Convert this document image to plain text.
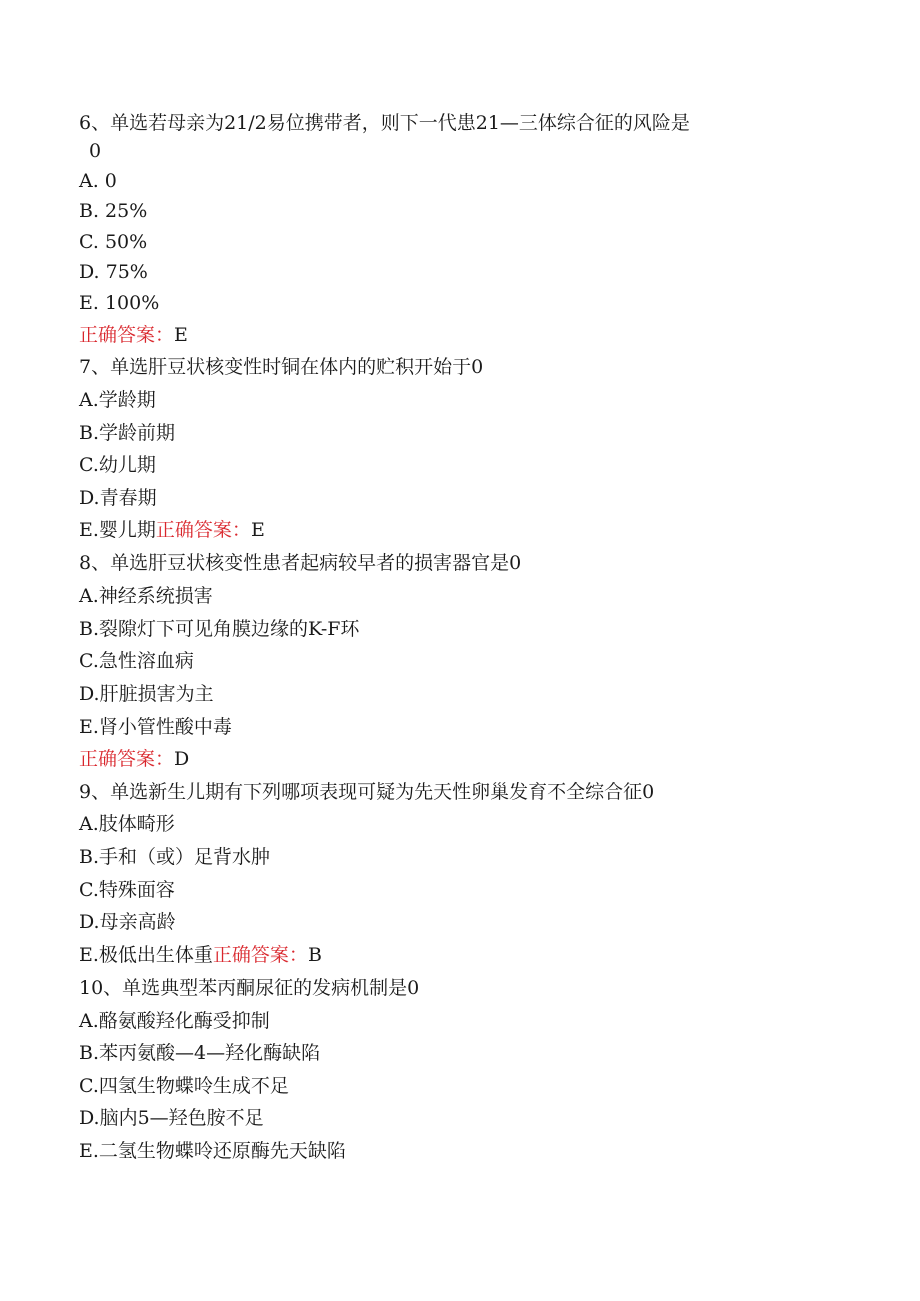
6、单选若母亲为21/2易位携带者，则下一代患21—三体综合征的风险是
0
A. 0
B. 25%
C. 50%
D. 75%
E. 100%
正确答案：E
7、单选肝豆状核变性时铜在体内的贮积开始于0
A.学龄期
B.学龄前期
C.幼儿期
D.青春期
E.婴儿期正确答案：E
8、单选肝豆状核变性患者起病较早者的损害器官是0
A.神经系统损害
B.裂隙灯下可见角膜边缘的K-F环
C.急性溶血病
D.肝脏损害为主
E.肾小管性酸中毒
正确答案：D
9、单选新生儿期有下列哪项表现可疑为先天性卵巢发育不全综合征0
A.肢体畸形
B.手和（或）足背水肿
C.特殊面容
D.母亲高龄
E.极低出生体重正确答案：B
10、单选典型苯丙酮尿征的发病机制是0
A.酪氨酸羟化酶受抑制
B.苯丙氨酸—4—羟化酶缺陷
C.四氢生物蝶呤生成不足
D.脑内5—羟色胺不足
E.二氢生物蝶呤还原酶先天缺陷
